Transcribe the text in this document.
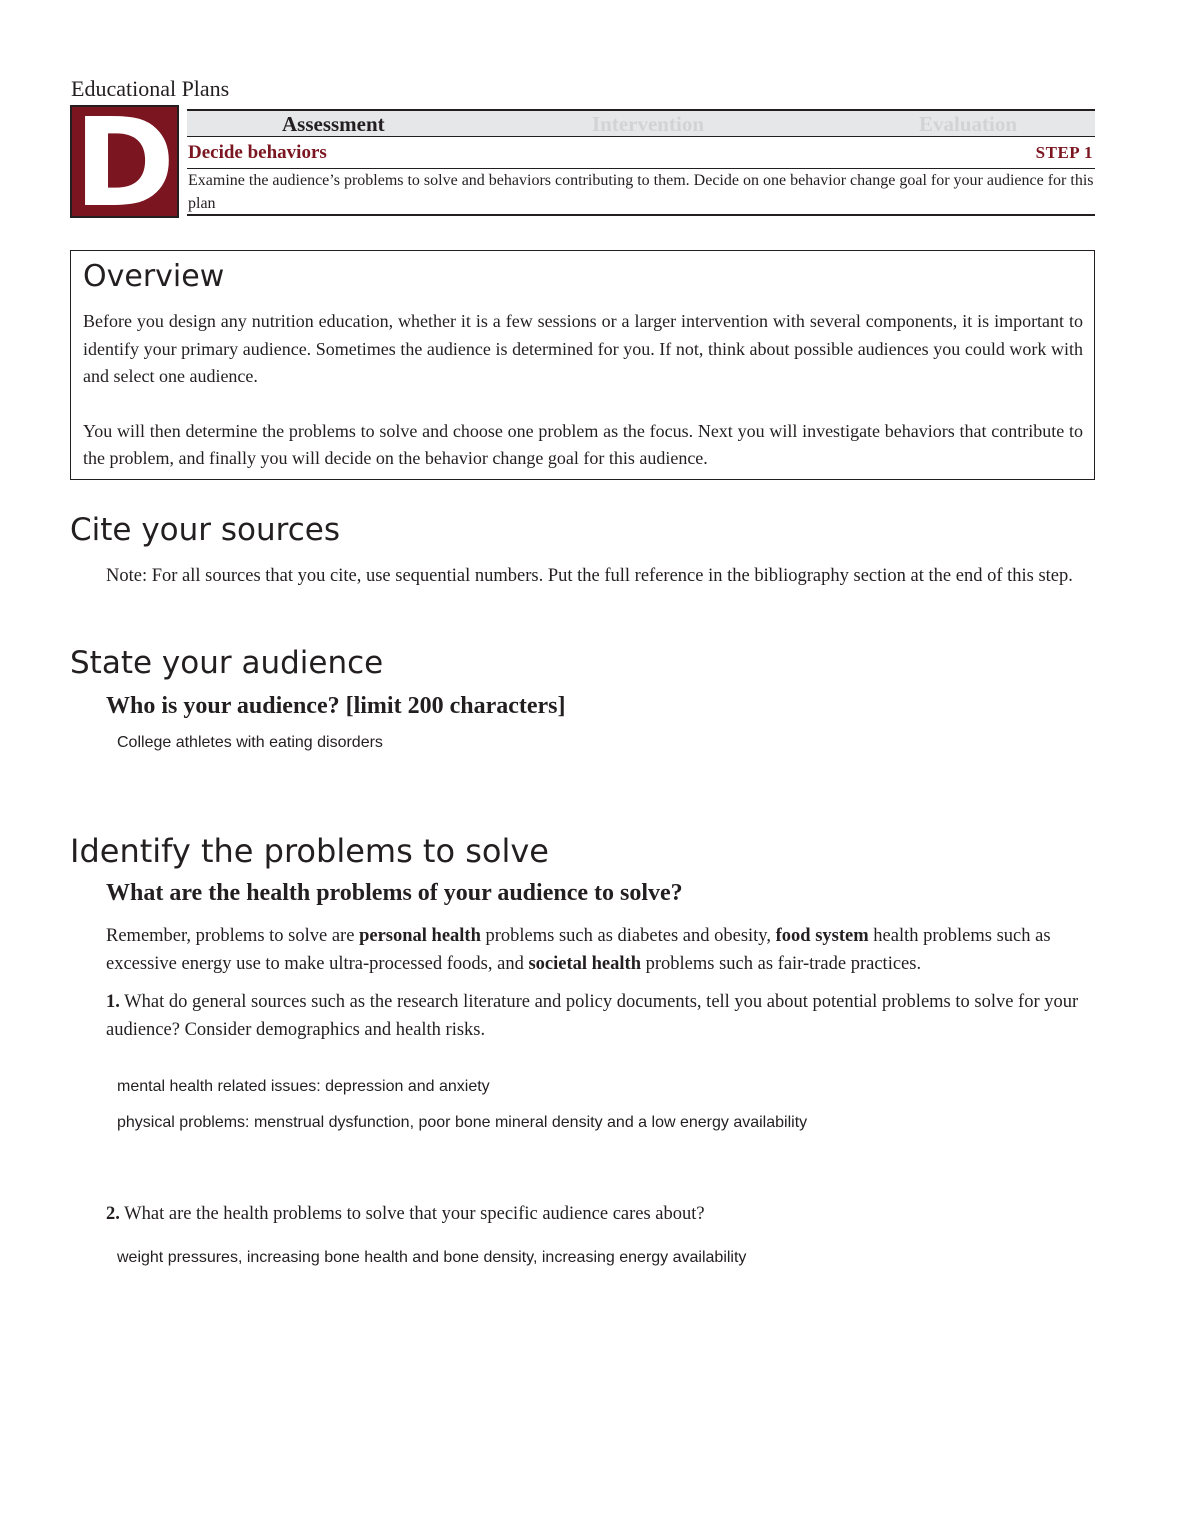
Educational Plans
D	Assessment	Intervention	Evaluation
Decide behaviors	STEP 1
Examine the audience’s problems to solve and behaviors contributing to them. Decide on one behavior change goal for your audience for this plan
Overview

Before you design any nutrition education, whether it is a few sessions or a larger intervention with several components, it is important to identify your primary audience. Sometimes the audience is determined for you. If not, think about possible audiences you could work with and select one audience.

You will then determine the problems to solve and choose one problem as the focus. Next you will investigate behaviors that contribute to the problem, and finally you will decide on the behavior change goal for this audience.

Cite your sources
Note: For all sources that you cite, use sequential numbers. Put the full reference in the bibliography section at the end of this step.
State your audience
Who is your audience? [limit 200 characters]
College athletes with eating disorders
Identify the problems to solve
What are the health problems of your audience to solve?
Remember, problems to solve are personal health problems such as diabetes and obesity, food system health problems such as excessive energy use to make ultra-processed foods, and societal health problems such as fair-trade practices.
1. What do general sources such as the research literature and policy documents, tell you about potential problems to solve for your audience? Consider demographics and health risks.

mental health related issues: depression and anxiety

physical problems: menstrual dysfunction, poor bone mineral density and a low energy availability

2. What are the health problems to solve that your specific audience cares about?
weight pressures, increasing bone health and bone density, increasing energy availability
